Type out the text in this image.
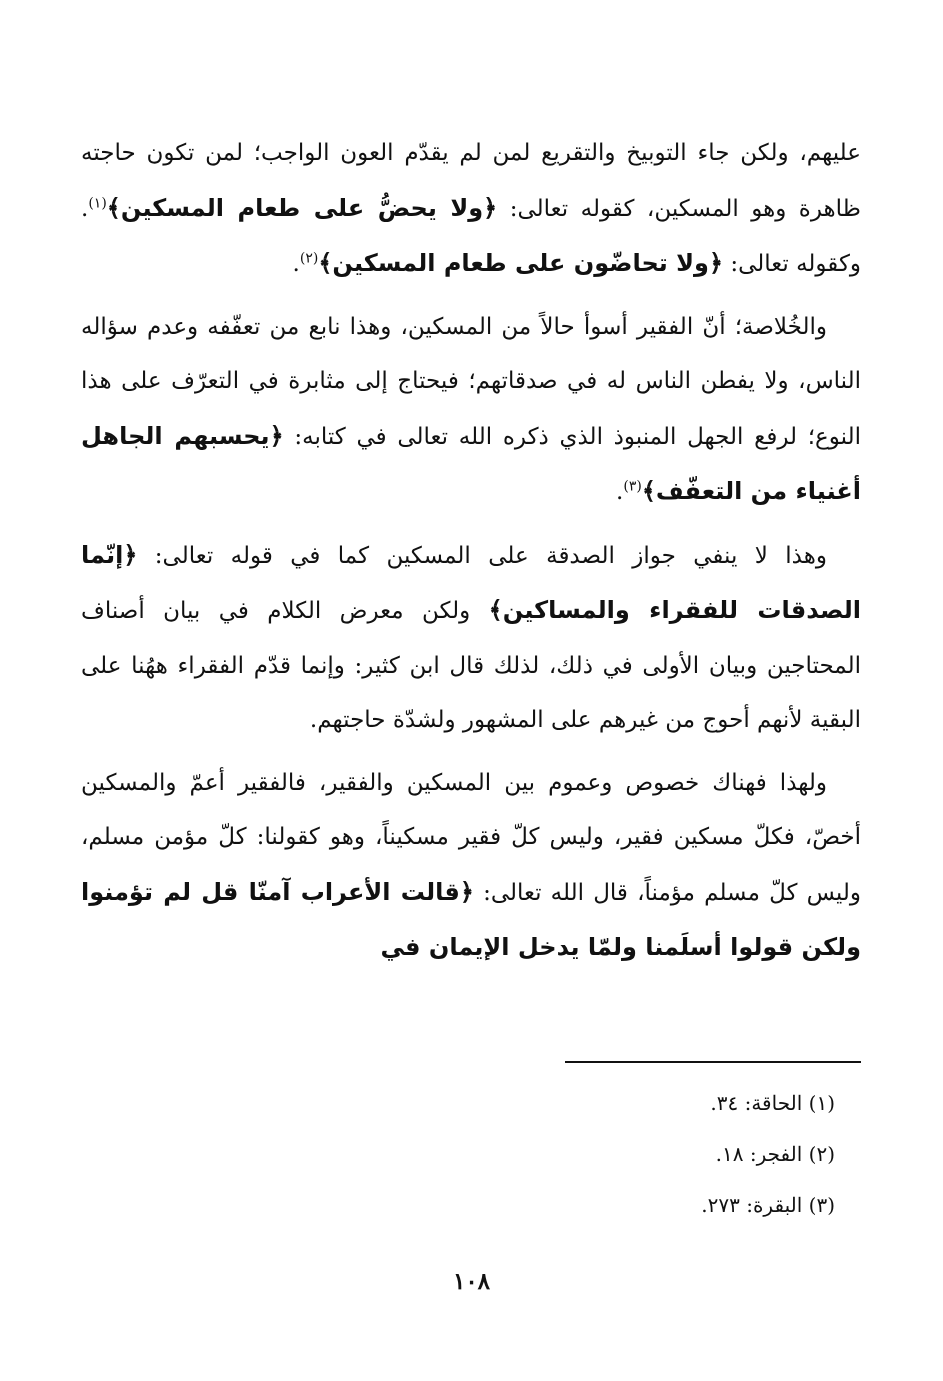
عليهم، ولكن جاء التوبيخ والتقريع لمن لم يقدّم العون الواجب؛ لمن تكون حاجته ظاهرة وهو المسكين، كقوله تعالى: ﴿ولا يحضُّ على طعام المسكين﴾$^{(١)}$. وكقوله تعالى: ﴿ولا تحاضّون على طعام المسكين﴾$^{(٢)}$.

والخُلاصة؛ أنّ الفقير أسوأ حالاً من المسكين، وهذا نابع من تعفّفه وعدم سؤاله الناس، ولا يفطن الناس له في صدقاتهم؛ فيحتاج إلى مثابرة في التعرّف على هذا النوع؛ لرفع الجهل المنبوذ الذي ذكره الله تعالى في كتابه: ﴿يحسبهم الجاهل أغنياء من التعفّف﴾$^{(٣)}$.

وهذا لا ينفي جواز الصدقة على المسكين كما في قوله تعالى: ﴿إنّما الصدقات للفقراء والمساكين﴾ ولكن معرض الكلام في بيان أصناف المحتاجين وبيان الأولى في ذلك، لذلك قال ابن كثير: وإنما قدّم الفقراء ههُنا على البقية لأنهم أحوج من غيرهم على المشهور ولشدّة حاجتهم.

ولهذا فهناك خصوص وعموم بين المسكين والفقير، فالفقير أعمّ والمسكين أخصّ، فكلّ مسكين فقير، وليس كلّ فقير مسكيناً، وهو كقولنا: كلّ مؤمن مسلم، وليس كلّ مسلم مؤمناً، قال الله تعالى: ﴿قالت الأعراب آمنّا قل لم تؤمنوا ولكن قولوا أسلَمنا ولمّا يدخل الإيمان في

(١) الحاقة: ٣٤.

(٢) الفجر: ١٨.

(٣) البقرة: ٢٧٣.

١٠٨
